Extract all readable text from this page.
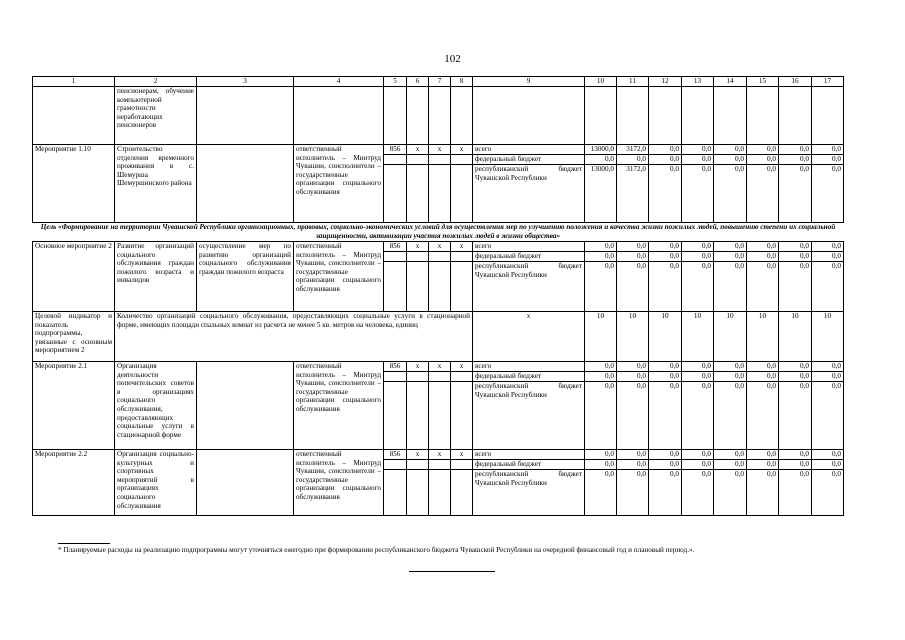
102
1	2	3	4	5	6	7	8	9	10	11	12	13	14	15	16	17
	пенсионерам, обучение компьютерной грамотности неработающих пенсионеров															
Мероприятие 1.10	Строительство отделения временного проживания в с. Шемурша Шемуршинского района		ответственный исполнитель – Минтруд Чувашии, соисполнители – государственные организации социального обслуживания	856	x	x	x	всего	13000,0	3172,0	0,0	0,0	0,0	0,0	0,0	0,0
								федеральный бюджет	0,0	0,0	0,0	0,0	0,0	0,0	0,0	0,0
								республиканский бюджет Чувашской Республики	13000,0	3172,0	0,0	0,0	0,0	0,0	0,0	0,0
Цель «Формирование на территории Чувашской Республики организационных, правовых, социально-экономических условий для осуществления мер по улучшению положения и качества жизни пожилых людей, повышению степени их социальной защищенности, активизации участия пожилых людей в жизни общества»																
Основное мероприятие 2	Развитие организаций социального обслуживания граждан пожилого возраста и инвалидов	осуществление мер по развитию организаций социального обслуживания граждан пожилого возраста	ответственный исполнитель – Минтруд Чувашии, соисполнители – государственные организации социального обслуживания	856	x	x	x	всего	0,0	0,0	0,0	0,0	0,0	0,0	0,0	0,0
								федеральный бюджет	0,0	0,0	0,0	0,0	0,0	0,0	0,0	0,0
								республиканский бюджет Чувашской Республики	0,0	0,0	0,0	0,0	0,0	0,0	0,0	0,0
Целевой индикатор и показатель подпрограммы, увязанные с основным мероприятием 2	Количество организаций социального обслуживания, предоставляющих социальные услуги в стационарной форме, имеющих площади спальных комнат из расчета не менее 5 кв. метров на человека, единиц							x	10	10	10	10	10	10	10	10
Мероприятие 2.1	Организация деятельности попечительских советов в организациях социального обслуживания, предоставляющих социальные услуги в стационарной форме		ответственный исполнитель – Минтруд Чувашии, соисполнители – государственные организации социального обслуживания	856	x	x	x	всего	0,0	0,0	0,0	0,0	0,0	0,0	0,0	0,0
								федеральный бюджет	0,0	0,0	0,0	0,0	0,0	0,0	0,0	0,0
								республиканский бюджет Чувашской Республики	0,0	0,0	0,0	0,0	0,0	0,0	0,0	0,0
Мероприятие 2.2	Организация социально-культурных и спортивных мероприятий в организациях социального обслуживания		ответственный исполнитель – Минтруд Чувашии, соисполнители – государственные организации социального обслуживания	856	x	x	x	всего	0,0	0,0	0,0	0,0	0,0	0,0	0,0	0,0
								федеральный бюджет	0,0	0,0	0,0	0,0	0,0	0,0	0,0	0,0
								республиканский бюджет Чувашской Республики	0,0	0,0	0,0	0,0	0,0	0,0	0,0	0,0
* Планируемые расходы на реализацию подпрограммы могут уточняться ежегодно при формировании республиканского бюджета Чувашской Республики на очередной финансовый год и плановый период.».
